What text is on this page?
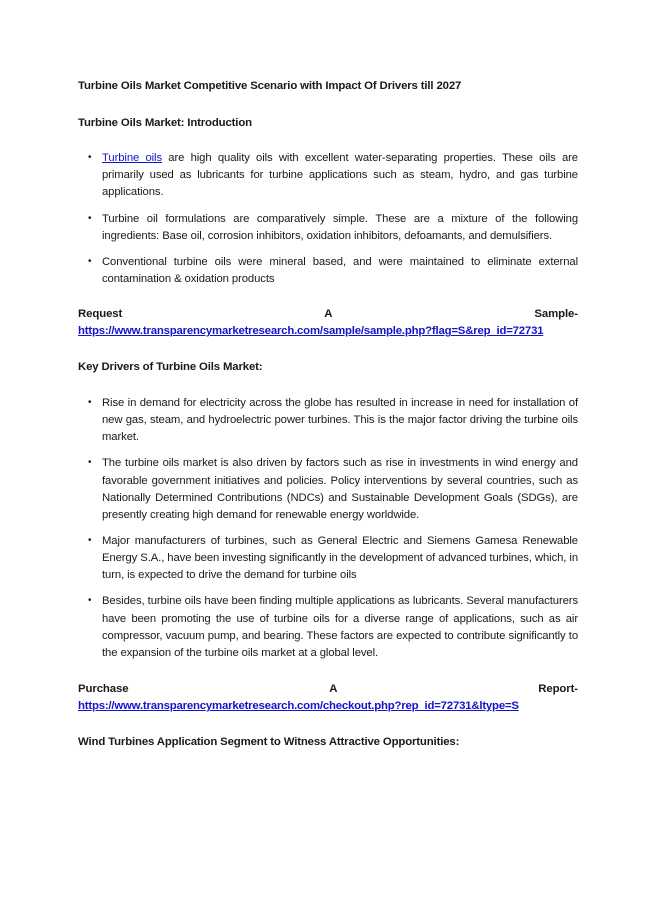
Turbine Oils Market Competitive Scenario with Impact Of Drivers till 2027

Turbine Oils Market: Introduction

• Turbine oils are high quality oils with excellent water-separating properties. These oils are primarily used as lubricants for turbine applications such as steam, hydro, and gas turbine applications.
• Turbine oil formulations are comparatively simple. These are a mixture of the following ingredients: Base oil, corrosion inhibitors, oxidation inhibitors, defoamants, and demulsifiers.
• Conventional turbine oils were mineral based, and were maintained to eliminate external contamination & oxidation products
Request	A	Sample-
https://www.transparencymarketresearch.com/sample/sample.php?flag=S&rep_id=72731

Key Drivers of Turbine Oils Market:

• Rise in demand for electricity across the globe has resulted in increase in need for installation of new gas, steam, and hydroelectric power turbines. This is the major factor driving the turbine oils market.
• The turbine oils market is also driven by factors such as rise in investments in wind energy and favorable government initiatives and policies. Policy interventions by several countries, such as Nationally Determined Contributions (NDCs) and Sustainable Development Goals (SDGs), are presently creating high demand for renewable energy worldwide.
• Major manufacturers of turbines, such as General Electric and Siemens Gamesa Renewable Energy S.A., have been investing significantly in the development of advanced turbines, which, in turn, is expected to drive the demand for turbine oils
• Besides, turbine oils have been finding multiple applications as lubricants. Several manufacturers have been promoting the use of turbine oils for a diverse range of applications, such as air compressor, vacuum pump, and bearing. These factors are expected to contribute significantly to the expansion of the turbine oils market at a global level.
Purchase	A	Report-
https://www.transparencymarketresearch.com/checkout.php?rep_id=72731&ltype=S

Wind Turbines Application Segment to Witness Attractive Opportunities:
